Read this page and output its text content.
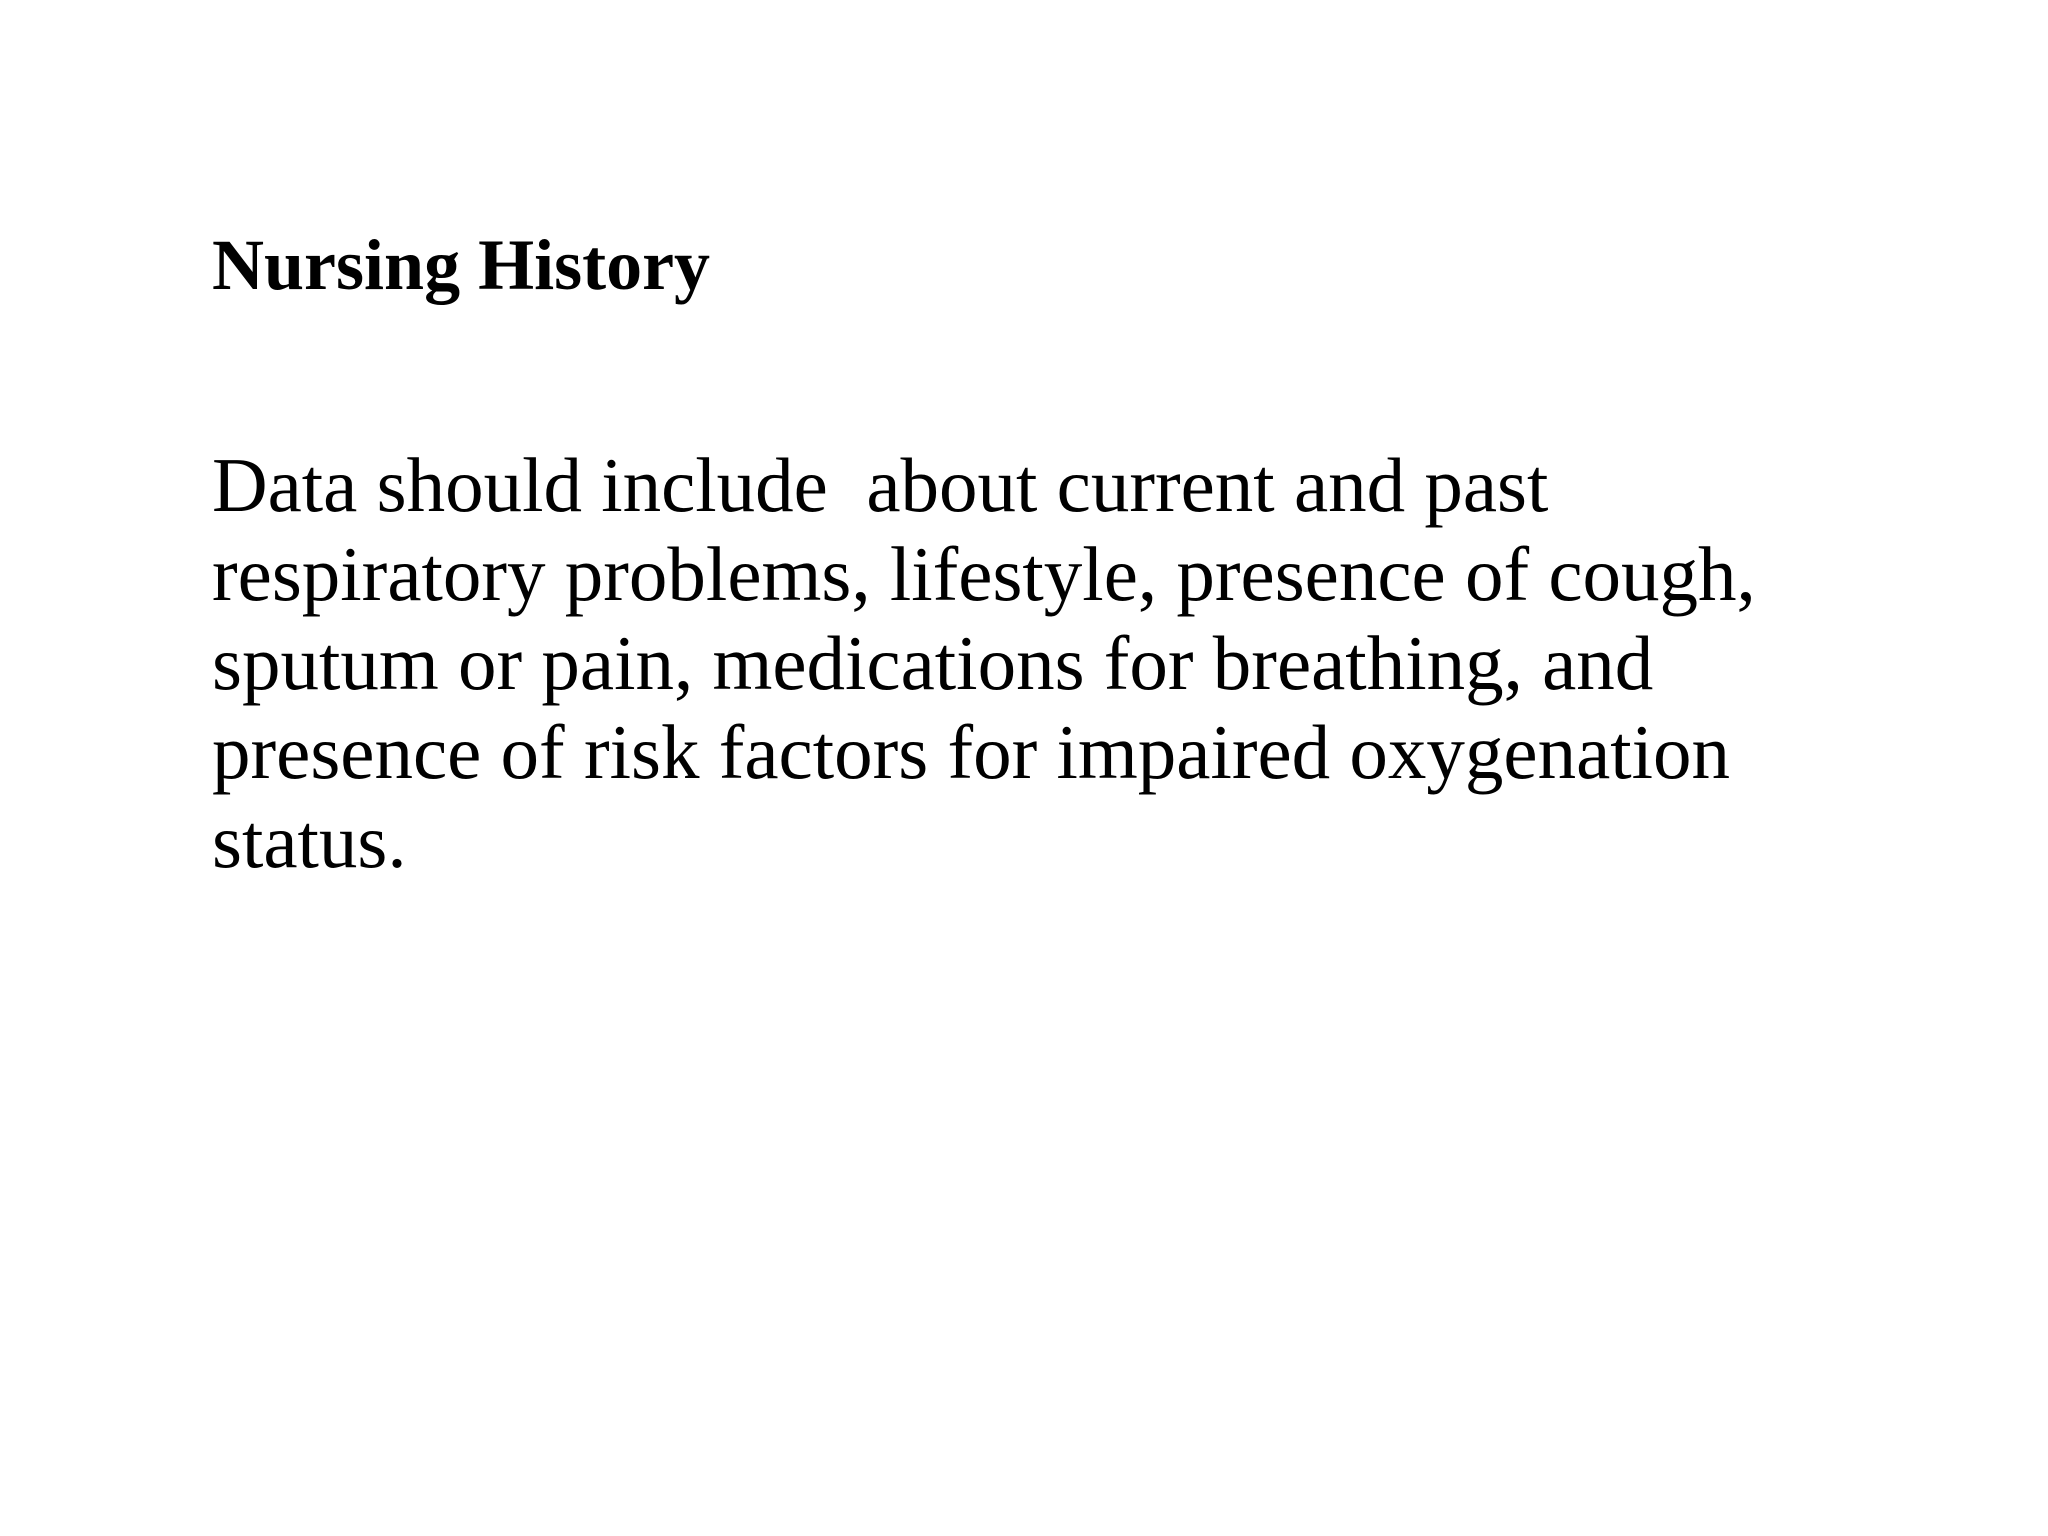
Nursing History
Data should include  about current and past
respiratory problems, lifestyle, presence of cough,
sputum or pain, medications for breathing, and
presence of risk factors for impaired oxygenation
status.
